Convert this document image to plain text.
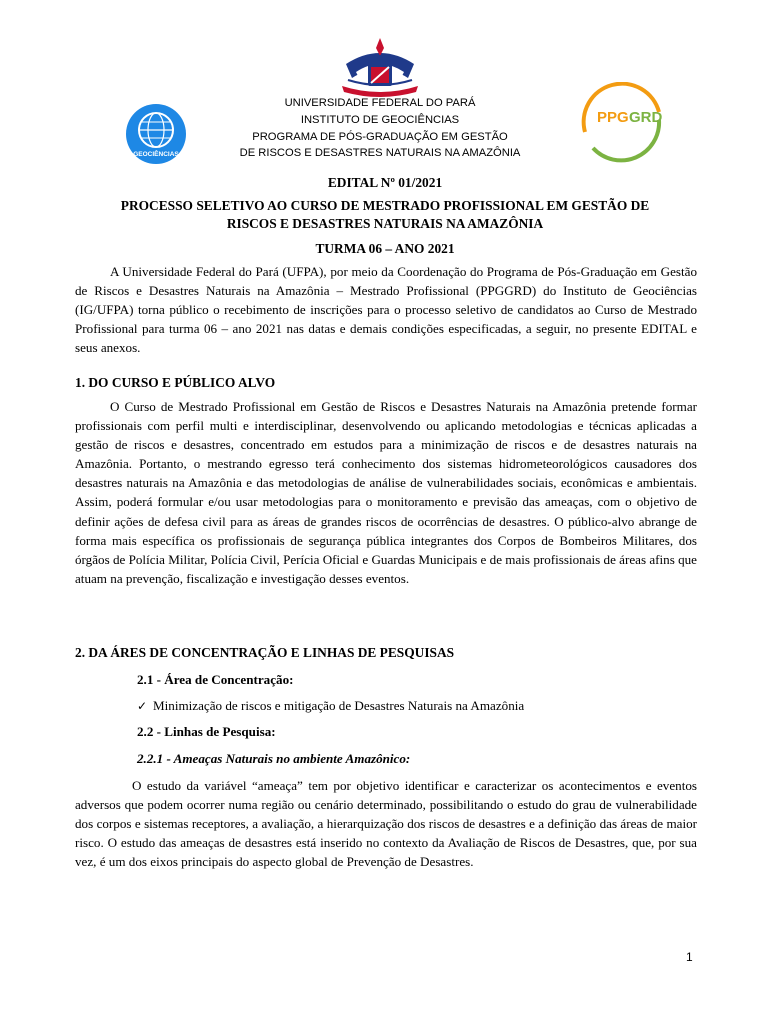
GEOCIÊNCIAS
PPG GRD
UNIVERSIDADE FEDERAL DO PARÁ
INSTITUTO DE GEOCIÊNCIAS
PROGRAMA DE PÓS-GRADUAÇÃO EM GESTÃO
DE RISCOS E DESASTRES NATURAIS NA AMAZÔNIA
EDITAL Nº 01/2021
PROCESSO SELETIVO AO CURSO DE MESTRADO PROFISSIONAL EM GESTÃO DE
RISCOS E DESASTRES NATURAIS NA AMAZÔNIA
TURMA 06 – ANO 2021

A Universidade Federal do Pará (UFPA), por meio da Coordenação do Programa de Pós-Graduação em Gestão de Riscos e Desastres Naturais na Amazônia – Mestrado Profissional (PPGGRD) do Instituto de Geociências (IG/UFPA) torna público o recebimento de inscrições para o processo seletivo de candidatos ao Curso de Mestrado Profissional para turma 06 – ano 2021 nas datas e demais condições especificadas, a seguir, no presente EDITAL e seus anexos.

1. DO CURSO E PÚBLICO ALVO

O Curso de Mestrado Profissional em Gestão de Riscos e Desastres Naturais na Amazônia pretende formar profissionais com perfil multi e interdisciplinar, desenvolvendo ou aplicando metodologias e técnicas aplicadas a gestão de riscos e desastres, concentrado em estudos para a minimização de riscos e de desastres naturais na Amazônia. Portanto, o mestrando egresso terá conhecimento dos sistemas hidrometeorológicos causadores dos desastres naturais na Amazônia e das metodologias de análise de vulnerabilidades sociais, econômicas e ambientais. Assim, poderá formular e/ou usar metodologias para o monitoramento e previsão das ameaças, com o objetivo de definir ações de defesa civil para as áreas de grandes riscos de ocorrências de desastres. O público-alvo abrange de forma mais específica os profissionais de segurança pública integrantes dos Corpos de Bombeiros Militares, dos órgãos de Polícia Militar, Polícia Civil, Perícia Oficial e Guardas Municipais e de mais profissionais de áreas afins que atuam na prevenção, fiscalização e investigação desses eventos.

2. DA ÁRES DE CONCENTRAÇÃO E LINHAS DE PESQUISAS
2.1 - Área de Concentração:
✓ Minimização de riscos e mitigação de Desastres Naturais na Amazônia
2.2 - Linhas de Pesquisa:
2.2.1 - Ameaças Naturais no ambiente Amazônico:

O estudo da variável “ameaça” tem por objetivo identificar e caracterizar os acontecimentos e eventos adversos que podem ocorrer numa região ou cenário determinado, possibilitando o estudo do grau de vulnerabilidade dos corpos e sistemas receptores, a avaliação, a hierarquização dos riscos de desastres e a definição das áreas de maior risco. O estudo das ameaças de desastres está inserido no contexto da Avaliação de Riscos de Desastres, que, por sua vez, é um dos eixos principais do aspecto global de Prevenção de Desastres.

1
